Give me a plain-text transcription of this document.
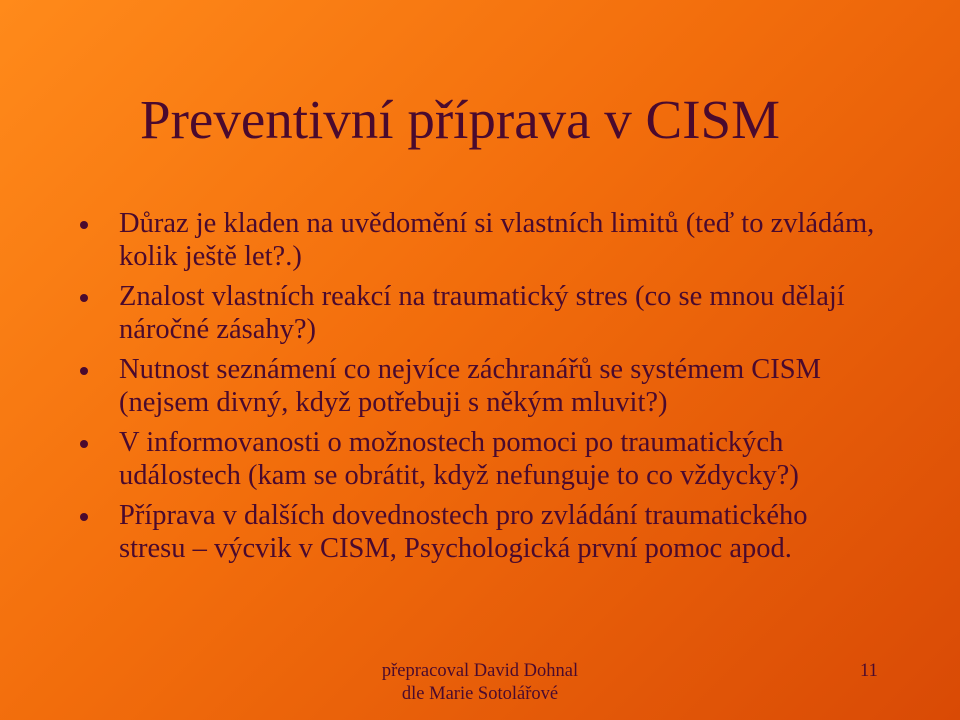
Preventivní příprava v CISM
Důraz je kladen na uvědomění si vlastních limitů (teď to zvládám, kolik ještě let?.)
Znalost vlastních reakcí na traumatický stres (co se mnou dělají náročné zásahy?)
Nutnost seznámení co nejvíce záchranářů se systémem CISM (nejsem divný, když potřebuji s někým mluvit?)
V informovanosti o možnostech pomoci po traumatických událostech (kam se obrátit, když nefunguje to co vždycky?)
Příprava v dalších dovednostech pro zvládání traumatického stresu – výcvik v CISM, Psychologická první pomoc apod.
přepracoval David Dohnal
dle Marie Sotolářové
11
